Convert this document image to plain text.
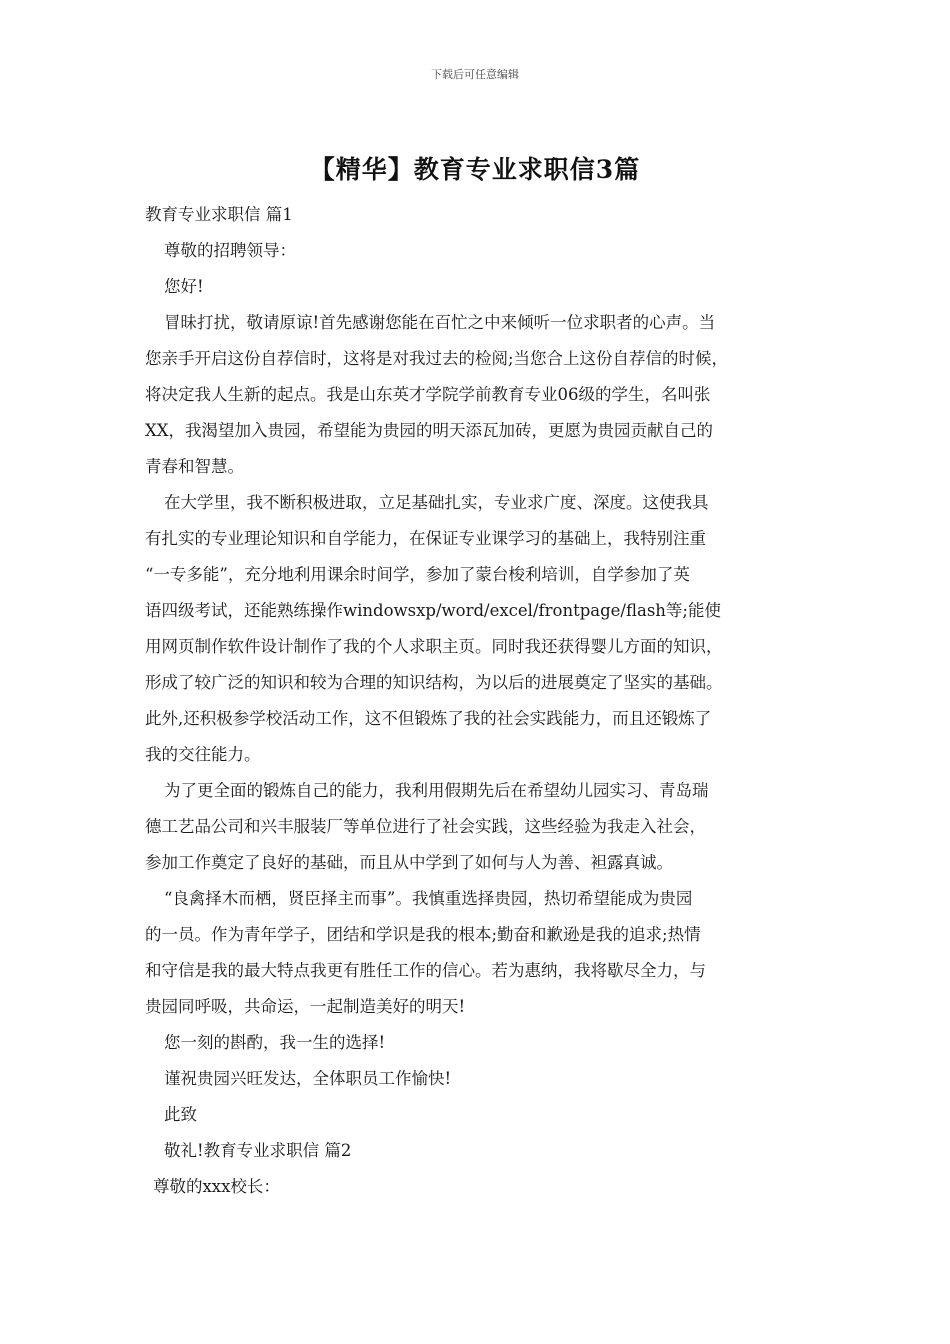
下载后可任意编辑
【精华】教育专业求职信3篇
教育专业求职信 篇1
尊敬的招聘领导：
您好!
冒昧打扰，敬请原谅!首先感谢您能在百忙之中来倾听一位求职者的心声。当
您亲手开启这份自荐信时，这将是对我过去的检阅;当您合上这份自荐信的时候，
将决定我人生新的起点。我是山东英才学院学前教育专业06级的学生，名叫张
XX，我渴望加入贵园，希望能为贵园的明天添瓦加砖，更愿为贵园贡献自己的
青春和智慧。
在大学里，我不断积极进取，立足基础扎实，专业求广度、深度。这使我具
有扎实的专业理论知识和自学能力，在保证专业课学习的基础上，我特别注重
“一专多能”，充分地利用课余时间学，参加了蒙台梭利培训，自学参加了英
语四级考试，还能熟练操作windowsxp/word/excel/frontpage/flash等;能使
用网页制作软件设计制作了我的个人求职主页。同时我还获得婴儿方面的知识，
形成了较广泛的知识和较为合理的知识结构，为以后的进展奠定了坚实的基础。
此外,还积极参学校活动工作，这不但锻炼了我的社会实践能力，而且还锻炼了
我的交往能力。
为了更全面的锻炼自己的能力，我利用假期先后在希望幼儿园实习、青岛瑞
德工艺品公司和兴丰服装厂等单位进行了社会实践，这些经验为我走入社会，
参加工作奠定了良好的基础，而且从中学到了如何与人为善、袒露真诚。
“良禽择木而栖，贤臣择主而事”。我慎重选择贵园，热切希望能成为贵园
的一员。作为青年学子，团结和学识是我的根本;勤奋和歉逊是我的追求;热情
和守信是我的最大特点我更有胜任工作的信心。若为惠纳，我将歇尽全力，与
贵园同呼吸，共命运，一起制造美好的明天!
您一刻的斟酌，我一生的选择!
谨祝贵园兴旺发达，全体职员工作愉快!
此致
敬礼!教育专业求职信 篇2
尊敬的xxx校长：
